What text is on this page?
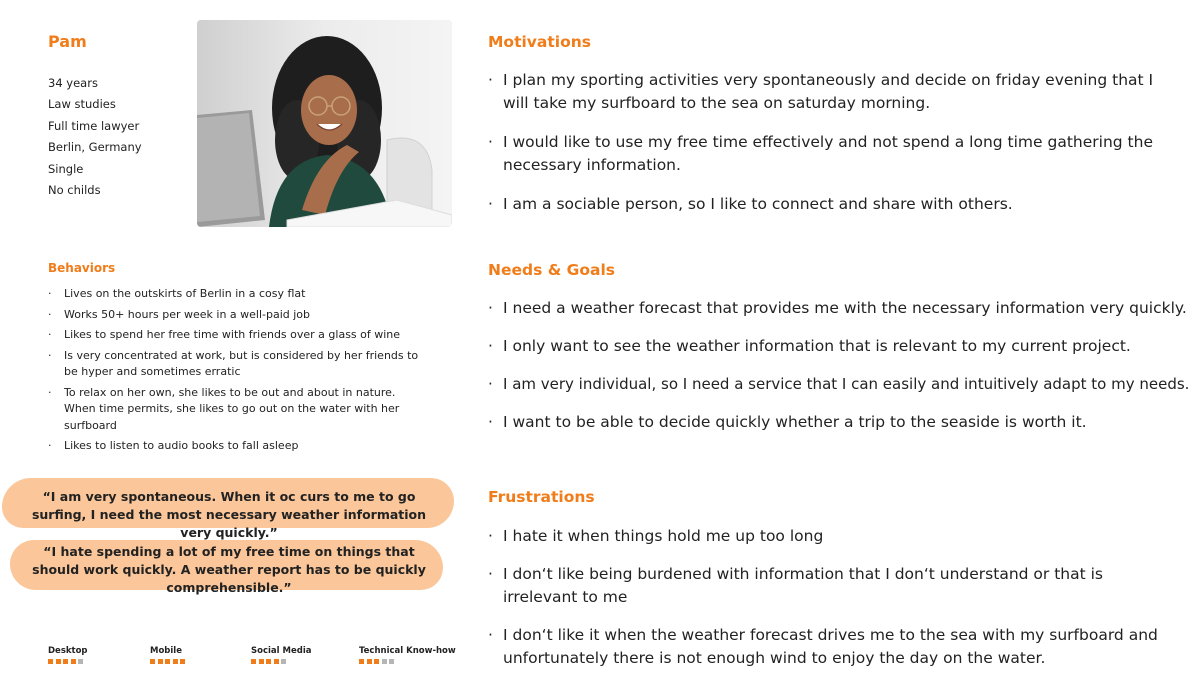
Pam
34 years
Law studies
Full time lawyer
Berlin, Germany
Single
No childs
Behaviors
· Lives on the outskirts of Berlin in a cosy flat
· Works 50+ hours per week in a well-paid job
· Likes to spend her free time with friends over a glass of wine
· Is very concentrated at work, but is considered by her friends to be hyper and sometimes erratic
· To relax on her own, she likes to be out and about in nature. When time permits, she likes to go out on the water with her surfboard
· Likes to listen to audio books to fall asleep
“I am very spontaneous. When it oc curs to me to go surfing, I need the most necessary weather information very quickly.”
“I hate spending a lot of my free time on things that should work quickly. A weather report has to be quickly comprehensible.”
Desktop	Mobile	Social Media	Technical Know-how
Motivations
· I plan my sporting activities very spontaneously and decide on friday evening that I will take my surfboard to the sea on saturday morning.
· I would like to use my free time effectively and not spend a long time gathering the necessary information.
· I am a sociable person, so I like to connect and share with others.
Needs & Goals
· I need a weather forecast that provides me with the necessary information very quickly.
· I only want to see the weather information that is relevant to my current project.
· I am very individual, so I need a service that I can easily and intuitively adapt to my needs.
· I want to be able to decide quickly whether a trip to the seaside is worth it.
Frustrations
· I hate it when things hold me up too long
· I don‘t like being burdened with information that I don‘t understand or that is irrelevant to me
· I don‘t like it when the weather forecast drives me to the sea with my surfboard and unfortunately there is not enough wind to enjoy the day on the water.
